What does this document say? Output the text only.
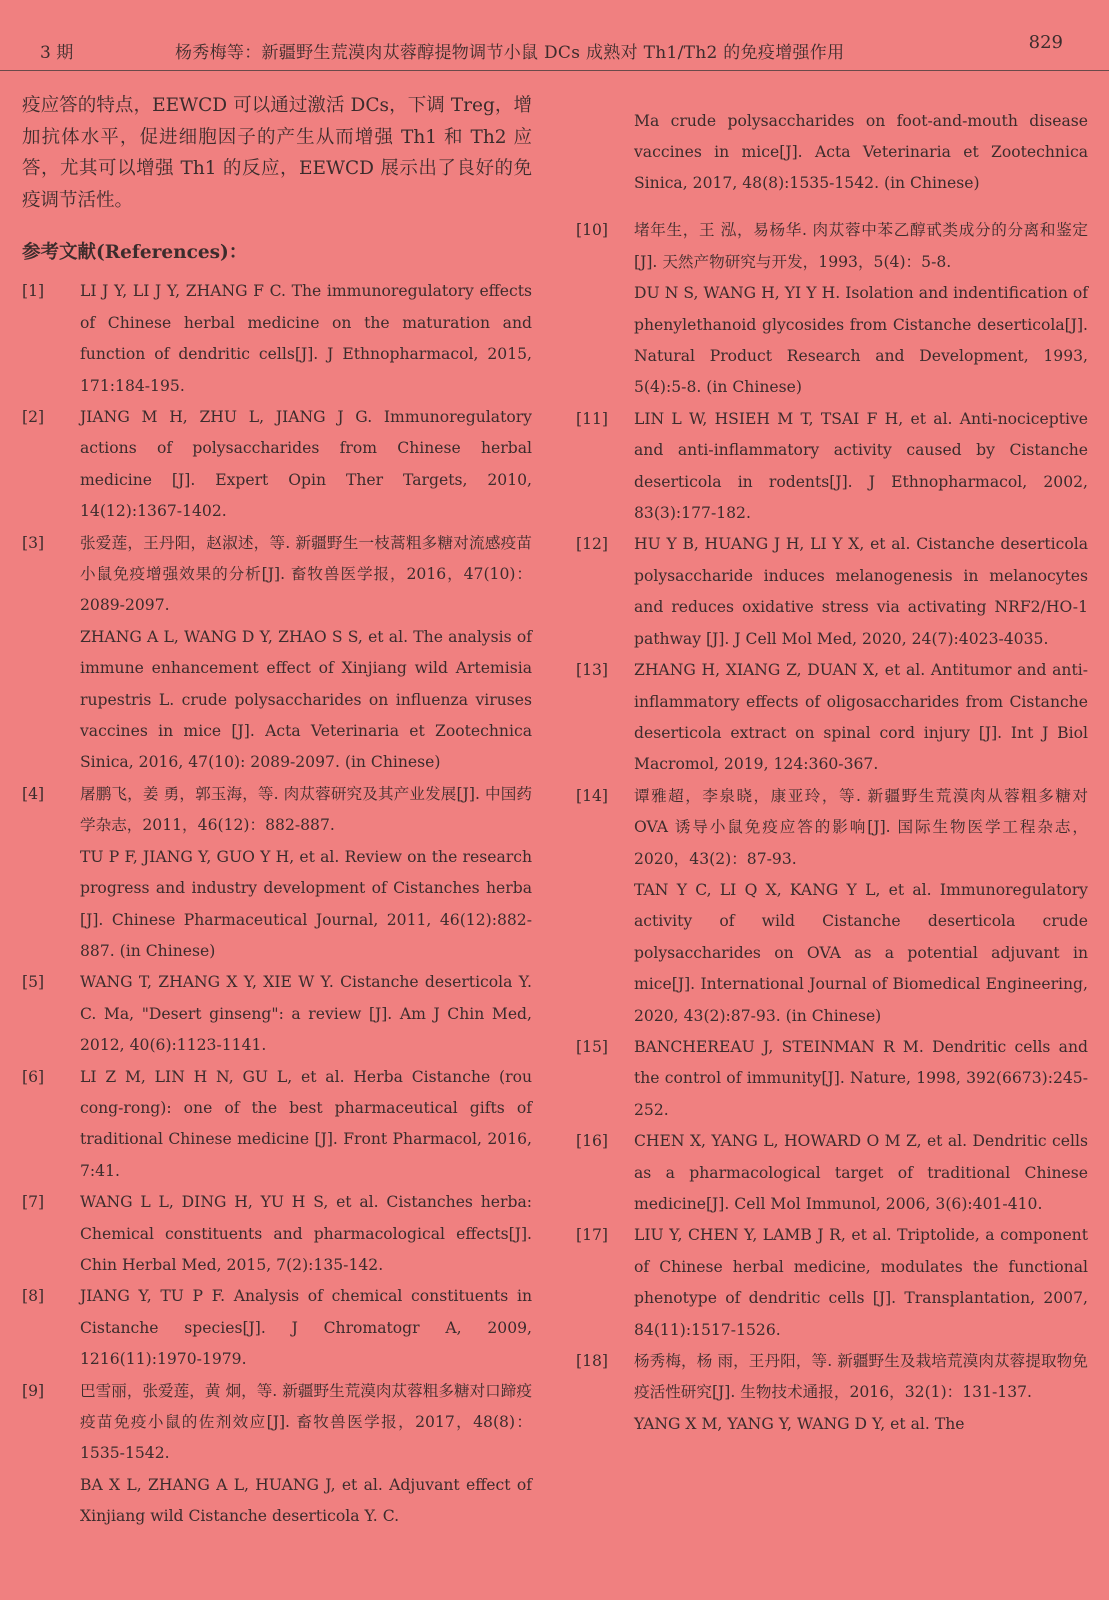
3 期	杨秀梅等：新疆野生荒漠肉苁蓉醇提物调节小鼠 DCs 成熟对 Th1/Th2 的免疫增强作用	829

疫应答的特点，EEWCD 可以通过激活 DCs，下调 Treg，增加抗体水平，促进细胞因子的产生从而增强 Th1 和 Th2 应答，尤其可以增强 Th1 的反应，EEWCD 展示出了良好的免疫调节活性。

参考文献(References)：
[1]	LI J Y, LI J Y, ZHANG F C. The immunoregulatory effects of Chinese herbal medicine on the maturation and function of dendritic cells[J]. J Ethnopharmacol, 2015, 171:184-195.

[2]	JIANG M H, ZHU L, JIANG J G. Immunoregulatory actions of polysaccharides from Chinese herbal medicine [J]. Expert Opin Ther Targets, 2010, 14(12):1367-1402.

[3]	张爱莲，王丹阳，赵淑述，等. 新疆野生一枝蒿粗多糖对流感疫苗小鼠免疫增强效果的分析[J]. 畜牧兽医学报，2016，47(10)：2089-2097.

ZHANG A L, WANG D Y, ZHAO S S, et al. The analysis of immune enhancement effect of Xinjiang wild Artemisia rupestris L. crude polysaccharides on influenza viruses vaccines in mice [J]. Acta Veterinaria et Zootechnica Sinica, 2016, 47(10): 2089-2097. (in Chinese)

[4]	屠鹏飞，姜 勇，郭玉海，等. 肉苁蓉研究及其产业发展[J]. 中国药学杂志，2011，46(12)：882-887.

TU P F, JIANG Y, GUO Y H, et al. Review on the research progress and industry development of Cistanches herba [J]. Chinese Pharmaceutical Journal, 2011, 46(12):882-887. (in Chinese)

[5]	WANG T, ZHANG X Y, XIE W Y. Cistanche deserticola Y. C. Ma, "Desert ginseng": a review [J]. Am J Chin Med, 2012, 40(6):1123-1141.

[6]	LI Z M, LIN H N, GU L, et al. Herba Cistanche (rou cong-rong): one of the best pharmaceutical gifts of traditional Chinese medicine [J]. Front Pharmacol, 2016, 7:41.

[7]	WANG L L, DING H, YU H S, et al. Cistanches herba: Chemical constituents and pharmacological effects[J]. Chin Herbal Med, 2015, 7(2):135-142.

[8]	JIANG Y, TU P F. Analysis of chemical constituents in Cistanche species[J]. J Chromatogr A, 2009, 1216(11):1970-1979.

[9]	巴雪丽，张爱莲，黄 炯，等. 新疆野生荒漠肉苁蓉粗多糖对口蹄疫疫苗免疫小鼠的佐剂效应[J]. 畜牧兽医学报，2017，48(8)：1535-1542.

BA X L, ZHANG A L, HUANG J, et al. Adjuvant effect of Xinjiang wild Cistanche deserticola Y. C.

Ma crude polysaccharides on foot-and-mouth disease vaccines in mice[J]. Acta Veterinaria et Zootechnica Sinica, 2017, 48(8):1535-1542. (in Chinese)

[10]	堵年生，王 泓，易杨华. 肉苁蓉中苯乙醇甙类成分的分离和鉴定[J]. 天然产物研究与开发，1993，5(4)：5-8.

DU N S, WANG H, YI Y H. Isolation and indentification of phenylethanoid glycosides from Cistanche deserticola[J]. Natural Product Research and Development, 1993, 5(4):5-8. (in Chinese)

[11]	LIN L W, HSIEH M T, TSAI F H, et al. Anti-nociceptive and anti-inflammatory activity caused by Cistanche deserticola in rodents[J]. J Ethnopharmacol, 2002, 83(3):177-182.

[12]	HU Y B, HUANG J H, LI Y X, et al. Cistanche deserticola polysaccharide induces melanogenesis in melanocytes and reduces oxidative stress via activating NRF2/HO-1 pathway [J]. J Cell Mol Med, 2020, 24(7):4023-4035.

[13]	ZHANG H, XIANG Z, DUAN X, et al. Antitumor and anti-inflammatory effects of oligosaccharides from Cistanche deserticola extract on spinal cord injury [J]. Int J Biol Macromol, 2019, 124:360-367.

[14]	谭雅超，李泉晓，康亚玲，等. 新疆野生荒漠肉从蓉粗多糖对 OVA 诱导小鼠免疫应答的影响[J]. 国际生物医学工程杂志，2020，43(2)：87-93.

TAN Y C, LI Q X, KANG Y L, et al. Immunoregulatory activity of wild Cistanche deserticola crude polysaccharides on OVA as a potential adjuvant in mice[J]. International Journal of Biomedical Engineering, 2020, 43(2):87-93. (in Chinese)

[15]	BANCHEREAU J, STEINMAN R M. Dendritic cells and the control of immunity[J]. Nature, 1998, 392(6673):245-252.

[16]	CHEN X, YANG L, HOWARD O M Z, et al. Dendritic cells as a pharmacological target of traditional Chinese medicine[J]. Cell Mol Immunol, 2006, 3(6):401-410.

[17]	LIU Y, CHEN Y, LAMB J R, et al. Triptolide, a component of Chinese herbal medicine, modulates the functional phenotype of dendritic cells [J]. Transplantation, 2007, 84(11):1517-1526.

[18]	杨秀梅，杨 雨，王丹阳，等. 新疆野生及栽培荒漠肉苁蓉提取物免疫活性研究[J]. 生物技术通报，2016，32(1)：131-137.

YANG X M, YANG Y, WANG D Y, et al. The
